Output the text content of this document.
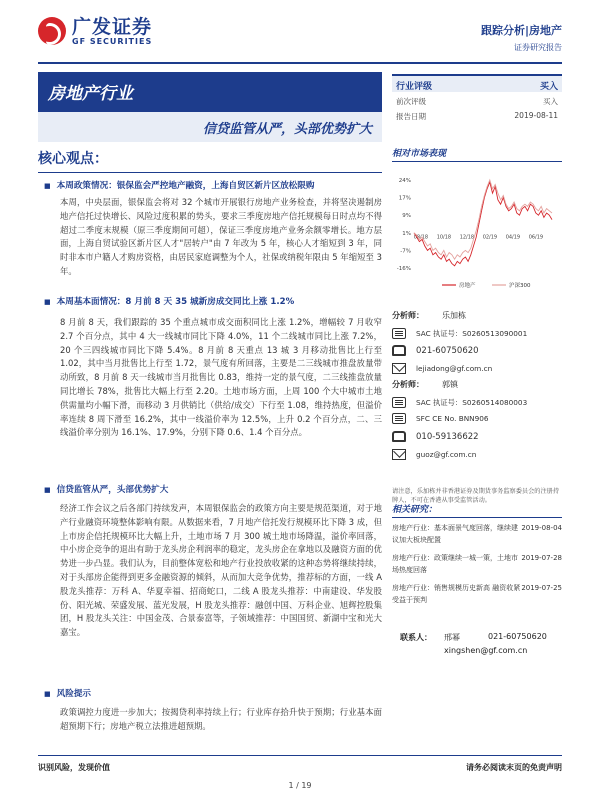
广发证券
GF SECURITIES
跟踪分析|房地产
证券研究报告
房地产行业
信贷监管从严，头部优势扩大
核心观点：
■ 本周政策情况：银保监会严控地产融资，上海自贸区新片区放松限购
本周，中央层面，银保监会将对 32 个城市开展银行房地产业务检查，并将坚决遏制房地产信托过快增长、风险过度积累的势头，要求三季度房地产信托规模每日时点均不得超过二季度末规模（原三季度期间可超），保证三季度房地产业务余额零增长。地方层面，上海自贸试验区新片区人才"居转户"由 7 年改为 5 年，核心人才缩短到 3 年，同时非本市户籍人才购房资格，由居民家庭调整为个人，社保或纳税年限由 5 年缩短至 3 年。
■ 本周基本面情况：8 月前 8 天 35 城新房成交同比上涨 1.2%
8 月前 8 天，我们跟踪的 35 个重点城市成交面积同比上涨 1.2%，增幅较 7 月收窄 2.7 个百分点，其中 4 大一线城市同比下降 4.0%，11 个二线城市同比上涨 7.2%，20 个三四线城市同比下降 5.4%。8 月前 8 天重点 13 城 3 月移动批售比上行至 1.02，其中当月批售比上行至 1.72，景气度有所回落，主要是二三线城市推盘放量带动所致，8 月前 8 天一线城市当月批售比 0.83，维持一定的景气度，二三线推盘放量同比增长 78%，批售比大幅上行至 2.20。土地市场方面，上周 100 个大中城市土地供需量均小幅下滑，而移动 3 月供销比（供给/成交）下行至 1.08，维持热度，但溢价率连续 8 周下滑至 16.2%，其中一线溢价率为 12.5%，上升 0.2 个百分点，二、三线溢价率分别为 16.1%、17.9%，分别下降 0.6、1.4 个百分点。
■ 信贷监管从严，头部优势扩大
经济工作会议之后各部门持续发声，本周银保监会的政策方向主要是规范渠道，对于地产行业融资环境整体影响有限。从数据来看，7 月地产信托发行规模环比下降 3 成，但上市房企信托规模环比大幅上升，土地市场 7 月 300 城土地市场降温，溢价率回落，中小房企竞争的退出有助于龙头房企利润率的稳定，龙头房企在拿地以及融资方面的优势进一步凸显。我们认为，目前整体宽松和地产行业投放收紧的这种态势将继续持续，对于头部房企能得到更多金融资源的倾斜，从而加大竞争优势，推荐标的方面，一线 A 股龙头推荐：万科 A、华夏幸福、招商蛇口，二线 A 股龙头推荐：中南建设、华发股份、阳光城、荣盛发展、蓝光发展，H 股龙头推荐：融创中国、万科企业、旭辉控股集团，H 股龙头关注：中国金茂、合景泰富等，子领域推荐：中国国贸、新湖中宝和光大嘉宝。
■ 风险提示
政策调控力度进一步加大；按揭贷利率持续上行；行业库存拾升快于预期；行业基本面超预期下行；房地产税立法推进超预期。
行业评级	买入
前次评级	买入
报告日期	2019-08-11
相对市场表现
-16%
-7%
1%
9%
17%
24%
08/18 10/18 12/18 02/19 04/19 06/19
房地产	沪深300
分析师： 乐加栋
SAC 执证号：S0260513090001
021-60750620
lejiadong@gf.com.cn
分析师： 郭镇
SAC 执证号：S0260514080003
SFC CE No. BNN906
010-59136622
guoz@gf.com.cn
请注意，乐加栋并非香港证券及期货事务监察委员会的注册持牌人，不可在香港从事受监管活动。
相关研究：
房地产行业：基本面景气度回落，继续建议加大板块配置
2019-08-04
房地产行业：政策继续一城一策，土地市场热度回落
2019-07-28
房地产行业：销售规模历史新高 融资收紧受益于预判
2019-07-25
联系人： 邢幂	021-60750620
xingshen@gf.com.cn
识别风险，发现价值	请务必阅读末页的免责声明
1 / 19
